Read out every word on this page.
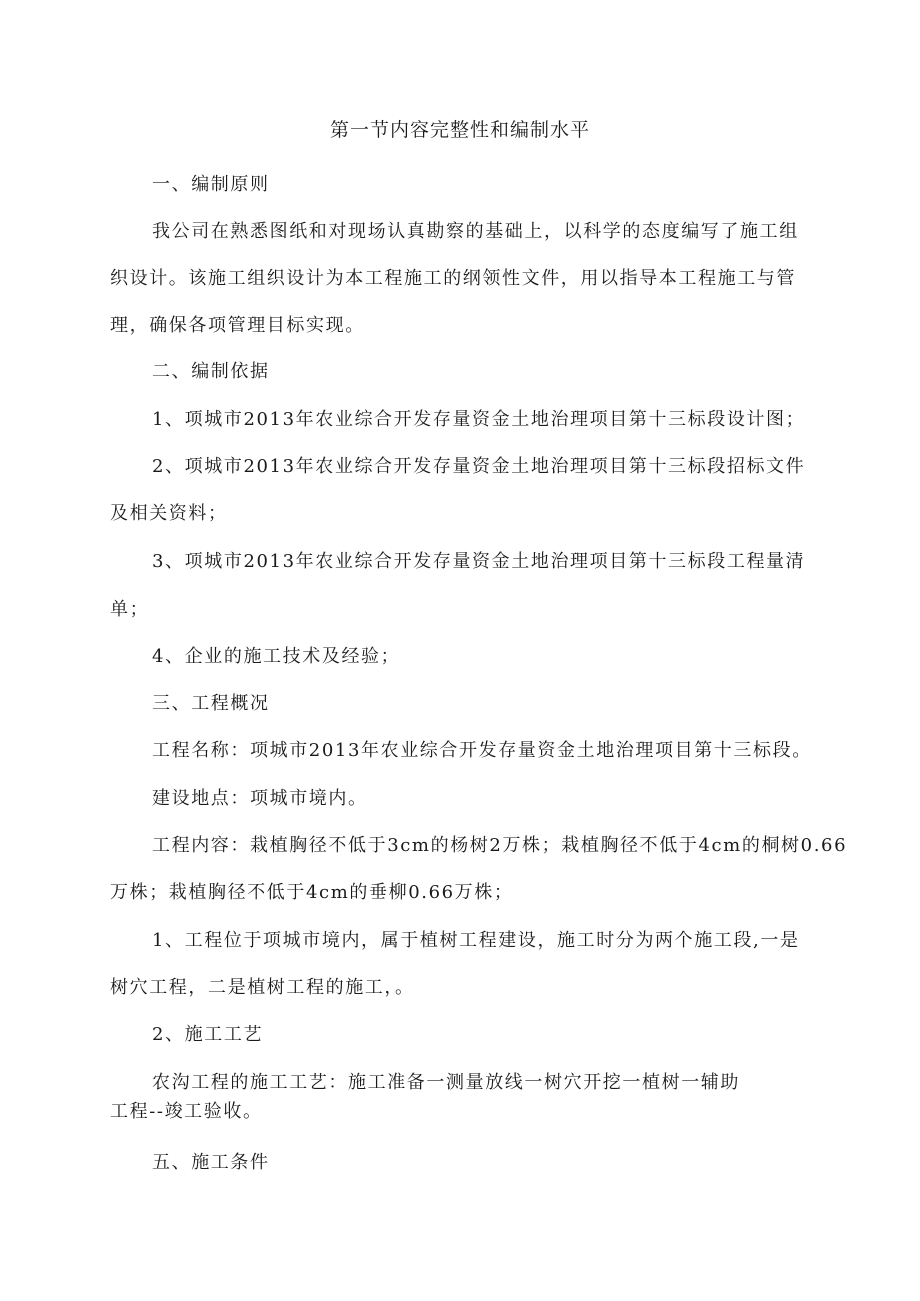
第一节内容完整性和编制水平
一、编制原则
我公司在熟悉图纸和对现场认真勘察的基础上，以科学的态度编写了施工组
织设计。该施工组织设计为本工程施工的纲领性文件，用以指导本工程施工与管
理，确保各项管理目标实现。
二、编制依据
1、项城市2013年农业综合开发存量资金土地治理项目第十三标段设计图；
2、项城市2013年农业综合开发存量资金土地治理项目第十三标段招标文件
及相关资料；
3、项城市2013年农业综合开发存量资金土地治理项目第十三标段工程量清
单；
4、企业的施工技术及经验；
三、工程概况
工程名称：项城市2013年农业综合开发存量资金土地治理项目第十三标段。
建设地点：项城市境内。
工程内容：栽植胸径不低于3cm的杨树2万株；栽植胸径不低于4cm的桐树0.66
万株；栽植胸径不低于4cm的垂柳0.66万株；
1、工程位于项城市境内，属于植树工程建设，施工时分为两个施工段,一是
树穴工程，二是植树工程的施工，。
2、施工工艺
农沟工程的施工工艺：施工准备一测量放线一树穴开挖一植树一辅助
工程--竣工验收。
五、施工条件
